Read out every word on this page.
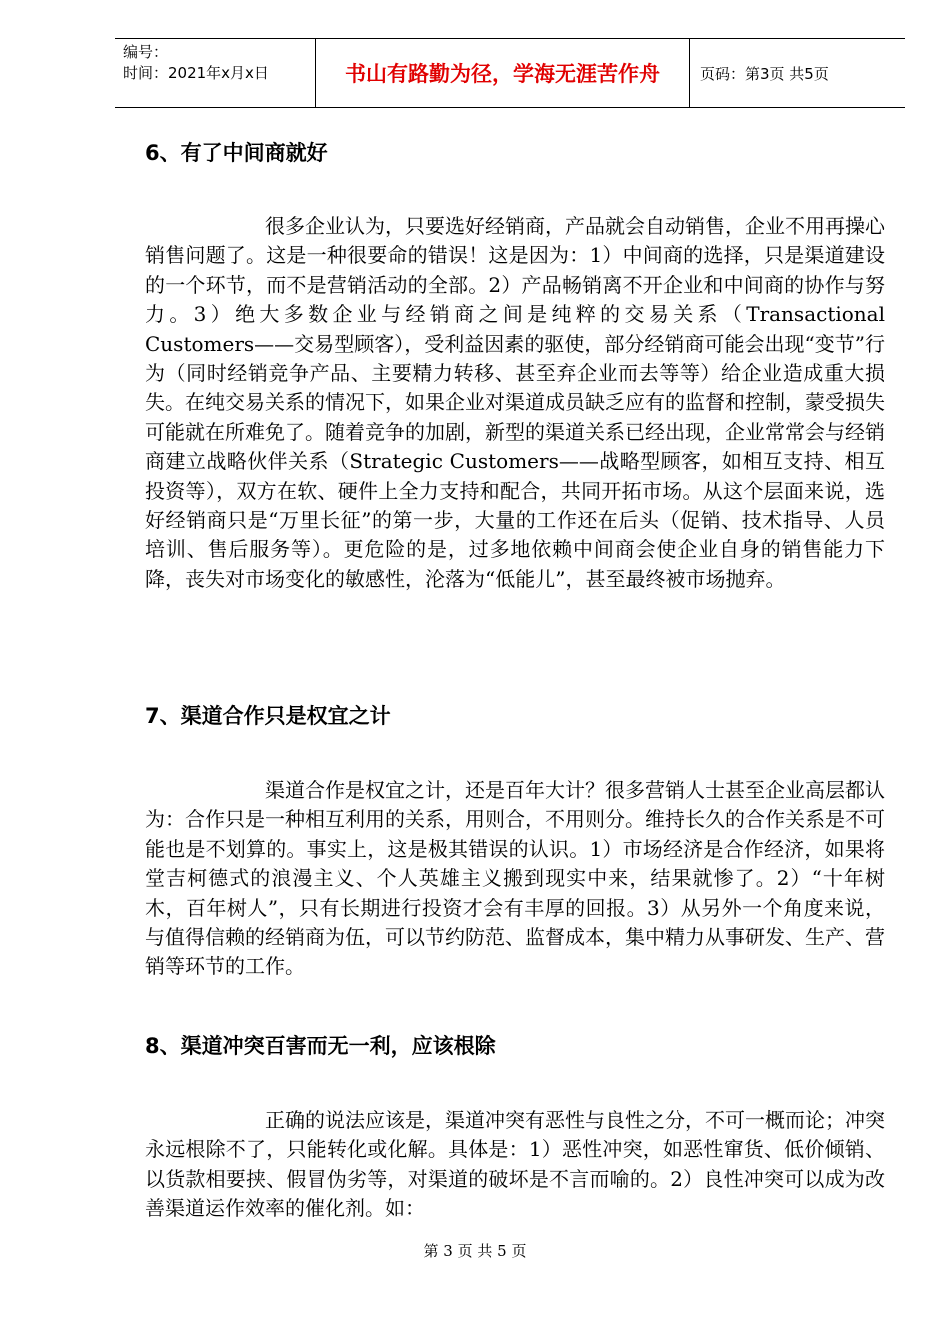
编号：
时间：2021年x月x日	书山有路勤为径，学海无涯苦作舟	页码：第3页 共5页
6、有了中间商就好
很多企业认为，只要选好经销商，产品就会自动销售，企业不用再操心销售问题了。这是一种很要命的错误！这是因为：1）中间商的选择，只是渠道建设的一个环节，而不是营销活动的全部。2）产品畅销离不开企业和中间商的协作与努力。3）绝大多数企业与经销商之间是纯粹的交易关系（Transactional Customers——交易型顾客），受利益因素的驱使，部分经销商可能会出现“变节”行为（同时经销竞争产品、主要精力转移、甚至弃企业而去等等）给企业造成重大损失。在纯交易关系的情况下，如果企业对渠道成员缺乏应有的监督和控制，蒙受损失可能就在所难免了。随着竞争的加剧，新型的渠道关系已经出现，企业常常会与经销商建立战略伙伴关系（Strategic Customers——战略型顾客，如相互支持、相互投资等），双方在软、硬件上全力支持和配合，共同开拓市场。从这个层面来说，选好经销商只是“万里长征”的第一步，大量的工作还在后头（促销、技术指导、人员培训、售后服务等）。更危险的是，过多地依赖中间商会使企业自身的销售能力下降，丧失对市场变化的敏感性，沦落为“低能儿”，甚至最终被市场抛弃。
7、渠道合作只是权宜之计
渠道合作是权宜之计，还是百年大计？很多营销人士甚至企业高层都认为：合作只是一种相互利用的关系，用则合，不用则分。维持长久的合作关系是不可能也是不划算的。事实上，这是极其错误的认识。1）市场经济是合作经济，如果将堂吉柯德式的浪漫主义、个人英雄主义搬到现实中来，结果就惨了。2）“十年树木，百年树人”，只有长期进行投资才会有丰厚的回报。3）从另外一个角度来说，与值得信赖的经销商为伍，可以节约防范、监督成本，集中精力从事研发、生产、营销等环节的工作。
8、渠道冲突百害而无一利，应该根除
正确的说法应该是，渠道冲突有恶性与良性之分，不可一概而论；冲突永远根除不了，只能转化或化解。具体是：1）恶性冲突，如恶性窜货、低价倾销、以货款相要挟、假冒伪劣等，对渠道的破坏是不言而喻的。2）良性冲突可以成为改善渠道运作效率的催化剂。如：
第 3 页 共 5 页
